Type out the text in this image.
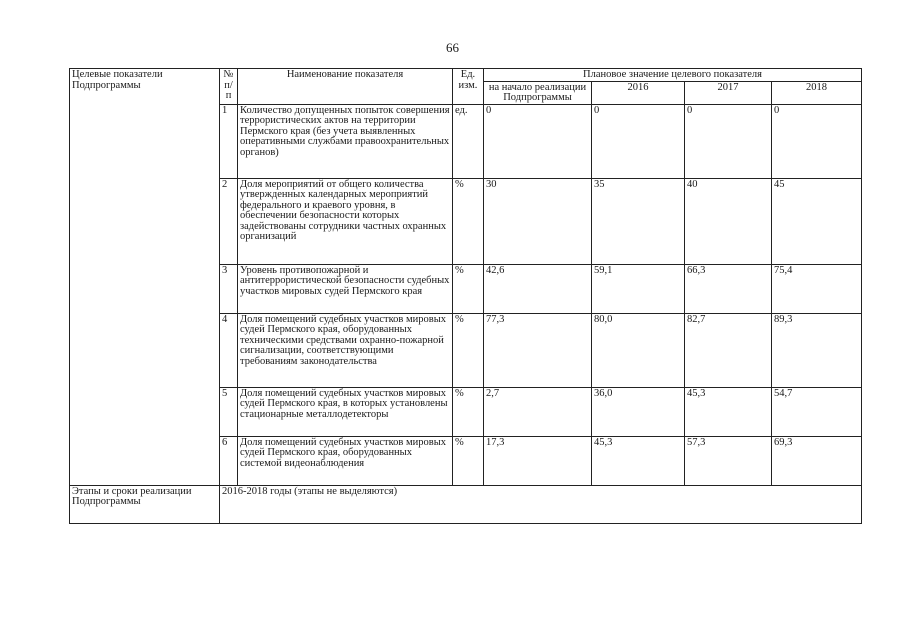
66
Целевые показатели Подпрограммы	№ п/п	Наименование показателя	Ед. изм.	Плановое значение целевого показателя			
				на начало реализации Подпрограммы	2016	2017	2018
	1	Количество допущенных попыток совершения террористических актов на территории Пермского края (без учета выявленных оперативными службами правоохранительных органов)	ед.	0	0	0	0
	2	Доля мероприятий от общего количества утвержденных календарных мероприятий федерального и краевого уровня, в обеспечении безопасности которых задействованы сотрудники частных охранных организаций	%	30	35	40	45
	3	Уровень противопожарной и антитеррористической безопасности судебных участков мировых судей Пермского края	%	42,6	59,1	66,3	75,4
	4	Доля помещений судебных участков мировых судей Пермского края, оборудованных техническими средствами охранно-пожарной сигнализации, соответствующими требованиям законодательства	%	77,3	80,0	82,7	89,3
	5	Доля помещений судебных участков мировых судей Пермского края, в которых установлены стационарные металлодетекторы	%	2,7	36,0	45,3	54,7
	6	Доля помещений судебных участков мировых судей Пермского края, оборудованных системой видеонаблюдения	%	17,3	45,3	57,3	69,3
Этапы и сроки реализации Подпрограммы	2016-2018 годы (этапы не выделяются)						
